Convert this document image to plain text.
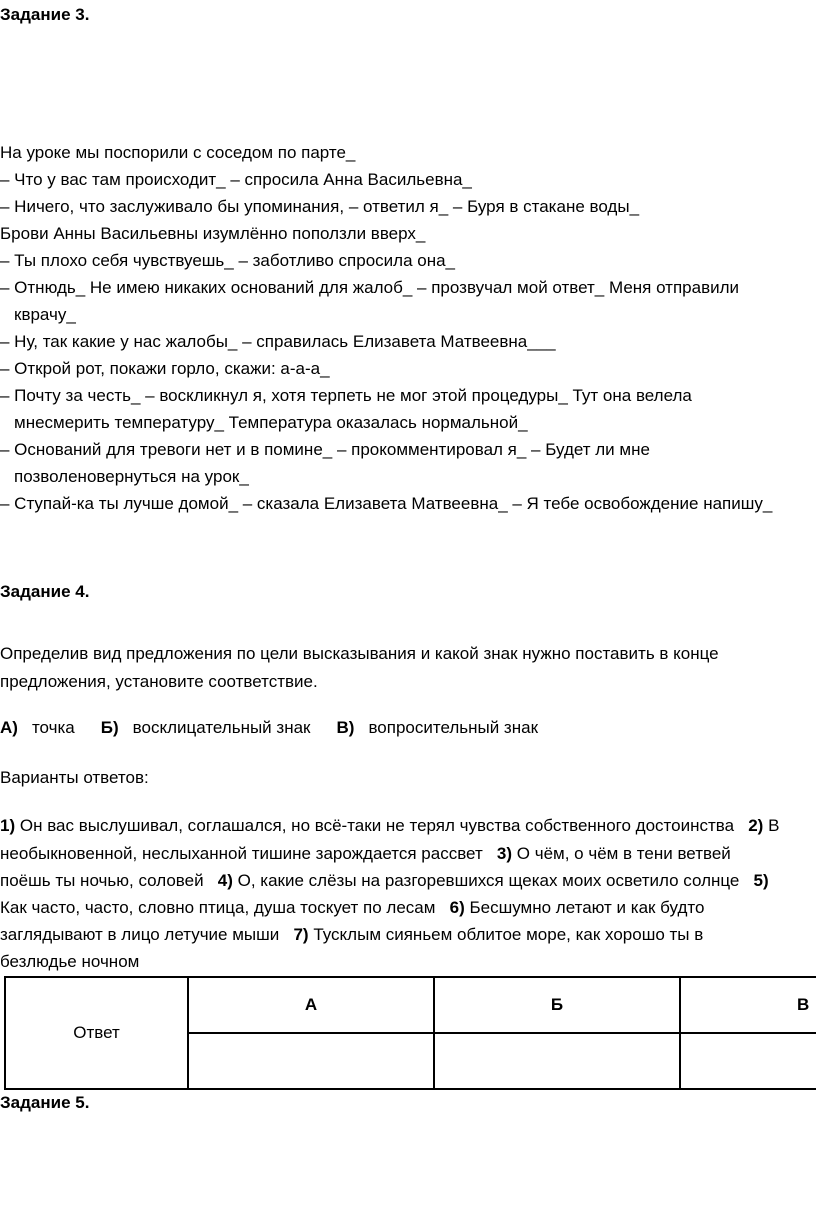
Задание 3.
На уроке мы поспорили с соседом по парте_
– Что у вас там происходит_ – спросила Анна Васильевна_
– Ничего, что заслуживало бы упоминания, – ответил я_ – Буря в стакане воды_
Брови Анны Васильевны изумлённо поползли вверх_
– Ты плохо себя чувствуешь_ – заботливо спросила она_
– Отнюдь_ Не имею никаких оснований для жалоб_ – прозвучал мой ответ_ Меня отправили
кврачу_
– Ну, так какие у нас жалобы_ – справилась Елизавета Матвеевна___
– Открой рот, покажи горло, скажи: а-а-а_
– Почту за честь_ – воскликнул я, хотя терпеть не мог этой процедуры_ Тут она велела
мнесмерить температуру_ Температура оказалась нормальной_
– Оснований для тревоги нет и в помине_ – прокомментировал я_ – Будет ли мне
позволеновернуться на урок_
– Ступай-ка ты лучше домой_ – сказала Елизавета Матвеевна_ – Я тебе освобождение напишу_
Задание 4.
Определив вид предложения по цели высказывания и какой знак нужно поставить в конце
предложения, установите соответствие.
А) точка Б) восклицательный знак В) вопросительный знак
Варианты ответов:
1) Он вас выслушивал, соглашался, но всё-таки не терял чувства собственного достоинства 2) В
необыкновенной, неслыханной тишине зарождается рассвет 3) О чём, о чём в тени ветвей
поёшь ты ночью, соловей 4) О, какие слёзы на разгоревшихся щеках моих осветило солнце 5)
Как часто, часто, словно птица, душа тоскует по лесам 6) Бесшумно летают и как будто
заглядывают в лицо летучие мыши 7) Тусклым сияньем облитое море, как хорошо ты в
безлюдье ночном
Ответ	А	Б	В

Задание 5.
